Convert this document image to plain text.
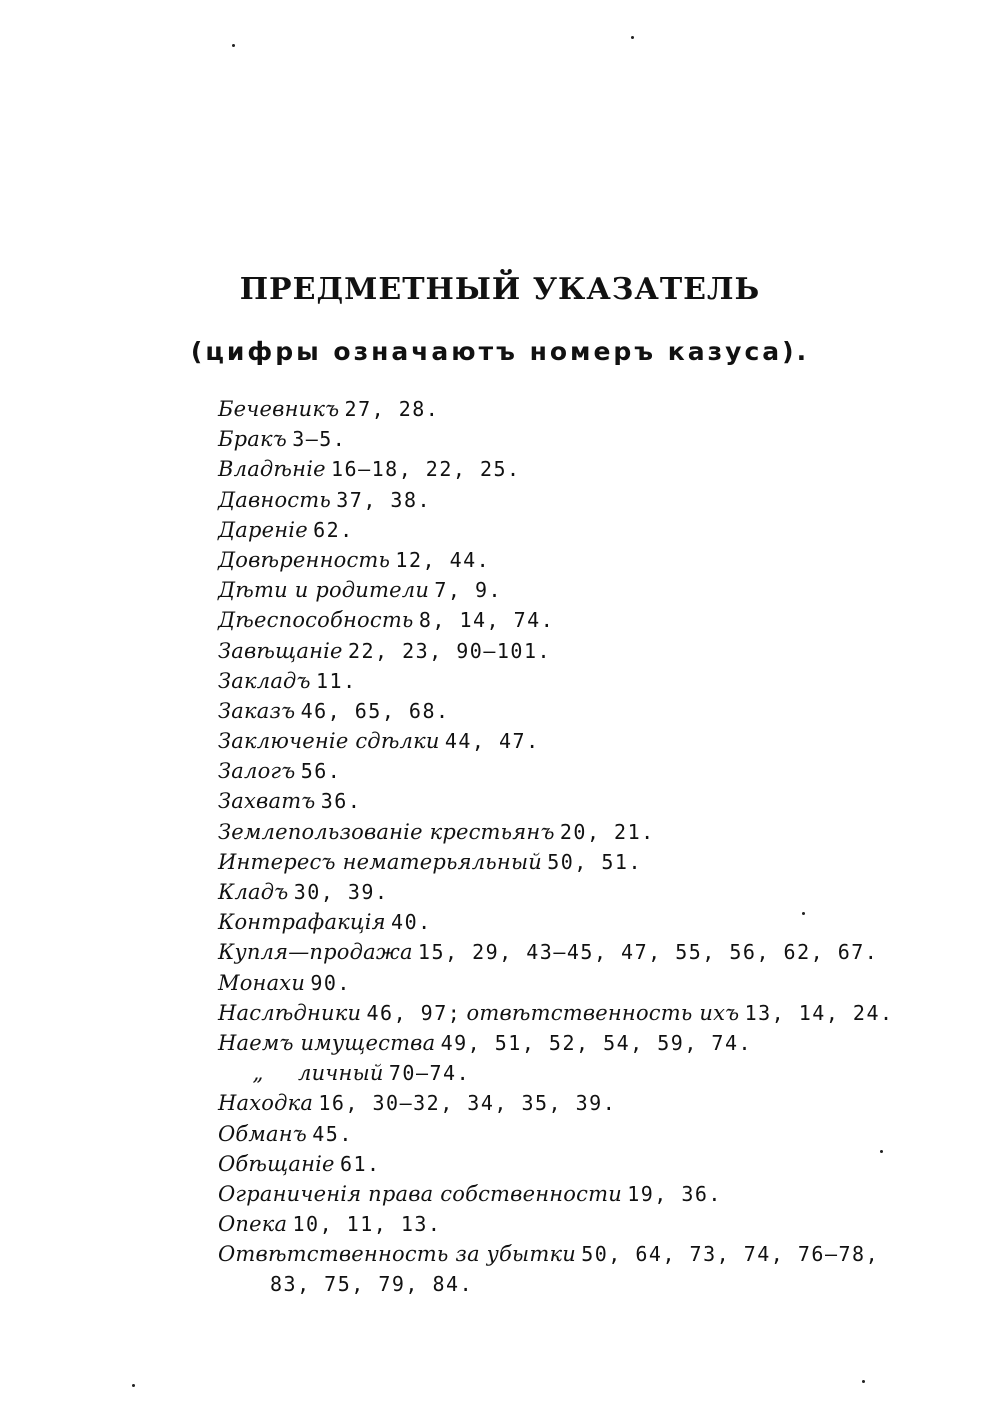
ПРЕДМЕТНЫЙ УКАЗАТЕЛЬ
(цифры означаютъ номеръ казуса).
Бечевникъ 27, 28.
Бракъ 3—5.
Владѣніе 16—18, 22, 25.
Давность 37, 38.
Дареніе 62.
Довѣренность 12, 44.
Дѣти и родители 7, 9.
Дѣеспособность 8, 14, 74.
Завѣщаніе 22, 23, 90—101.
Закладъ 11.
Заказъ 46, 65, 68.
Заключеніе сдѣлки 44, 47.
Залогъ 56.
Захватъ 36.
Землепользованіе крестьянъ 20, 21.
Интересъ нематерьяльный 50, 51.
Кладъ 30, 39.
Контрафакція 40.
Купля—продажа 15, 29, 43—45, 47, 55, 56, 62, 67.
Монахи 90.
Наслѣдники 46, 97; отвѣтственность ихъ 13, 14, 24.
Наемъ имущества 49, 51, 52, 54, 59, 74.
„ личный 70—74.
Находка 16, 30—32, 34, 35, 39.
Обманъ 45.
Обѣщаніе 61.
Ограниченія права собственности 19, 36.
Опека 10, 11, 13.
Отвѣтственность за убытки 50, 64, 73, 74, 76—78,
83, 75, 79, 84.
